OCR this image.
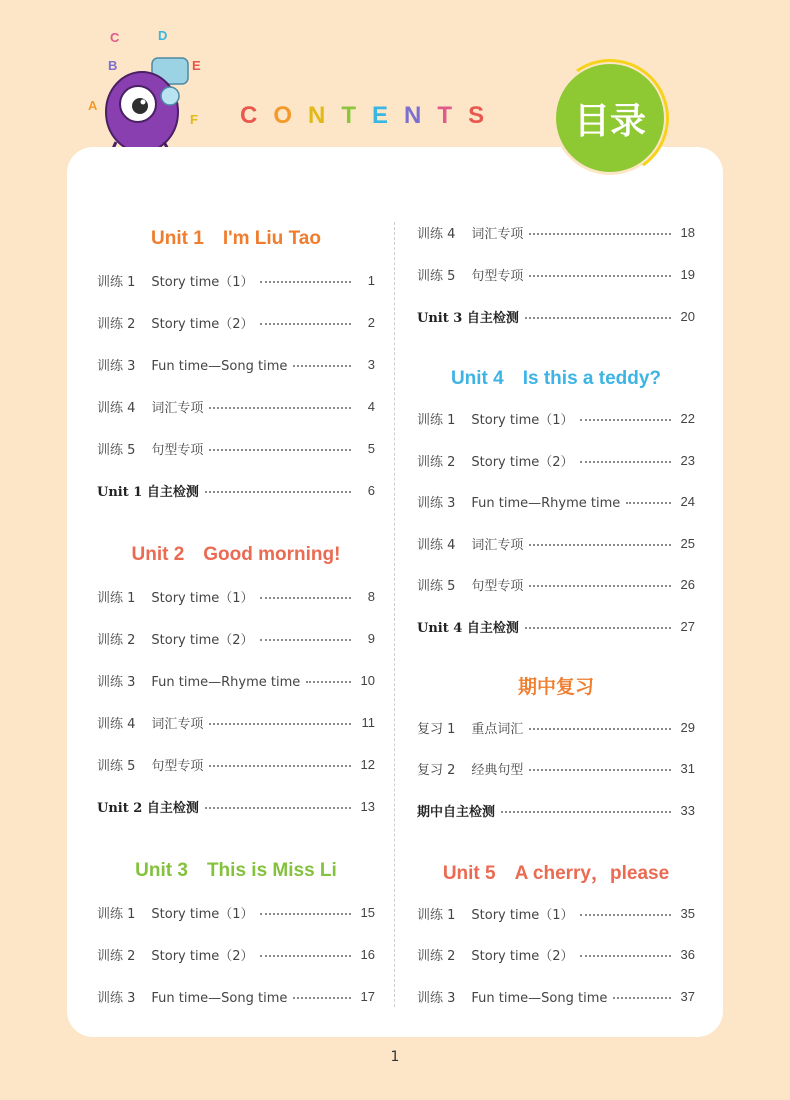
A
B
C	D
E
F C O N T E N T S
Unit 1　I'm Liu Tao
训练 1 Story time（1）	1
训练 2 Story time（2）	2
训练 3 Fun time—Song time	3
训练 4 词汇专项	4
训练 5 句型专项	5
Unit 1 自主检测	6
Unit 2　Good morning!
训练 1 Story time（1）	8
训练 2 Story time（2）	9
训练 3 Fun time—Rhyme time	10
训练 4 词汇专项	11
训练 5 句型专项	12
Unit 2 自主检测	13
Unit 3　This is Miss Li
训练 1 Story time（1）	15
训练 2 Story time（2）	16
训练 3 Fun time—Song time	17
训练 4 词汇专项	18
训练 5 句型专项	19
Unit 3 自主检测	20
Unit 4　Is this a teddy?
训练 1 Story time（1）	22
训练 2 Story time（2）	23
训练 3 Fun time—Rhyme time	24
训练 4 词汇专项	25
训练 5 句型专项	26
Unit 4 自主检测	27
期中复习
复习 1 重点词汇	29
复习 2 经典句型	31
期中自主检测	33
Unit 5　A cherry，please
训练 1 Story time（1）	35
训练 2 Story time（2）	36
训练 3 Fun time—Song time	37
目录
1
